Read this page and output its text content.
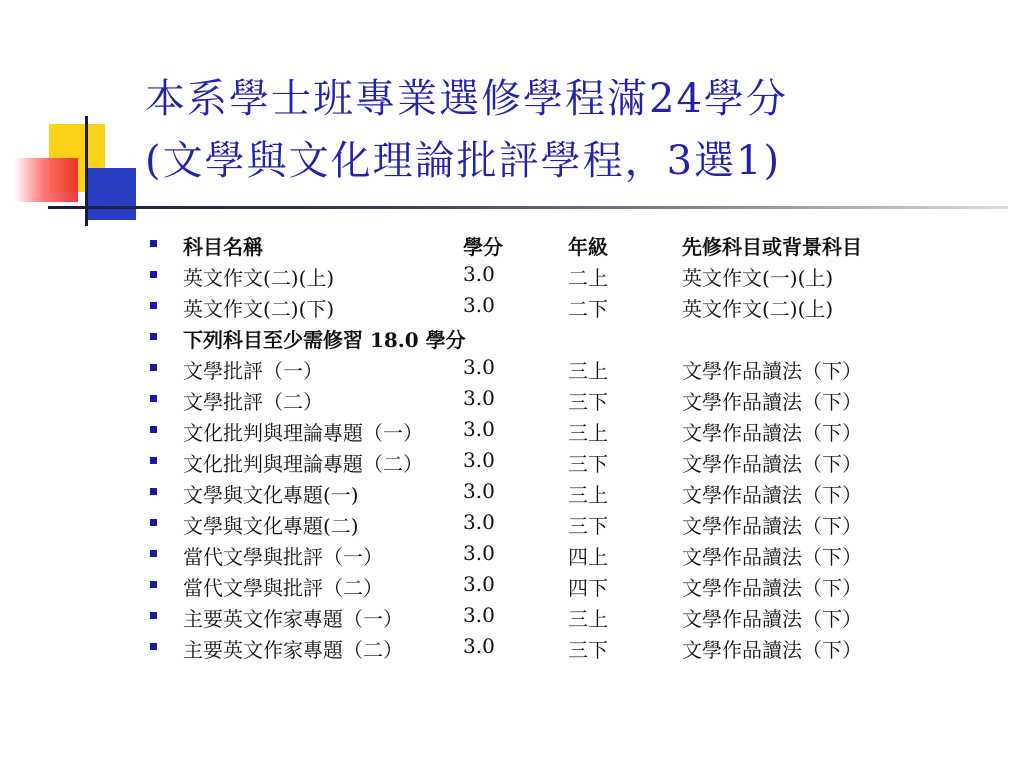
本系學士班專業選修學程滿24學分
(文學與文化理論批評學程，3選1)
科目名稱	學分	年級	先修科目或背景科目
英文作文(二)(上)	3.0	二上	英文作文(一)(上)
英文作文(二)(下)	3.0	二下	英文作文(二)(上)
下列科目至少需修習 18.0 學分
文學批評（一）	3.0	三上	文學作品讀法（下）
文學批評（二）	3.0	三下	文學作品讀法（下）
文化批判與理論專題（一） 3.0	三上	文學作品讀法（下）
文化批判與理論專題（二） 3.0	三下	文學作品讀法（下）
文學與文化專題(一)	3.0	三上	文學作品讀法（下）
文學與文化專題(二)	3.0	三下	文學作品讀法（下）
當代文學與批評（一）	3.0	四上	文學作品讀法（下）
當代文學與批評（二）	3.0	四下	文學作品讀法（下）
主要英文作家專題（一）	3.0	三上	文學作品讀法（下）
主要英文作家專題（二）	3.0	三下	文學作品讀法（下）
